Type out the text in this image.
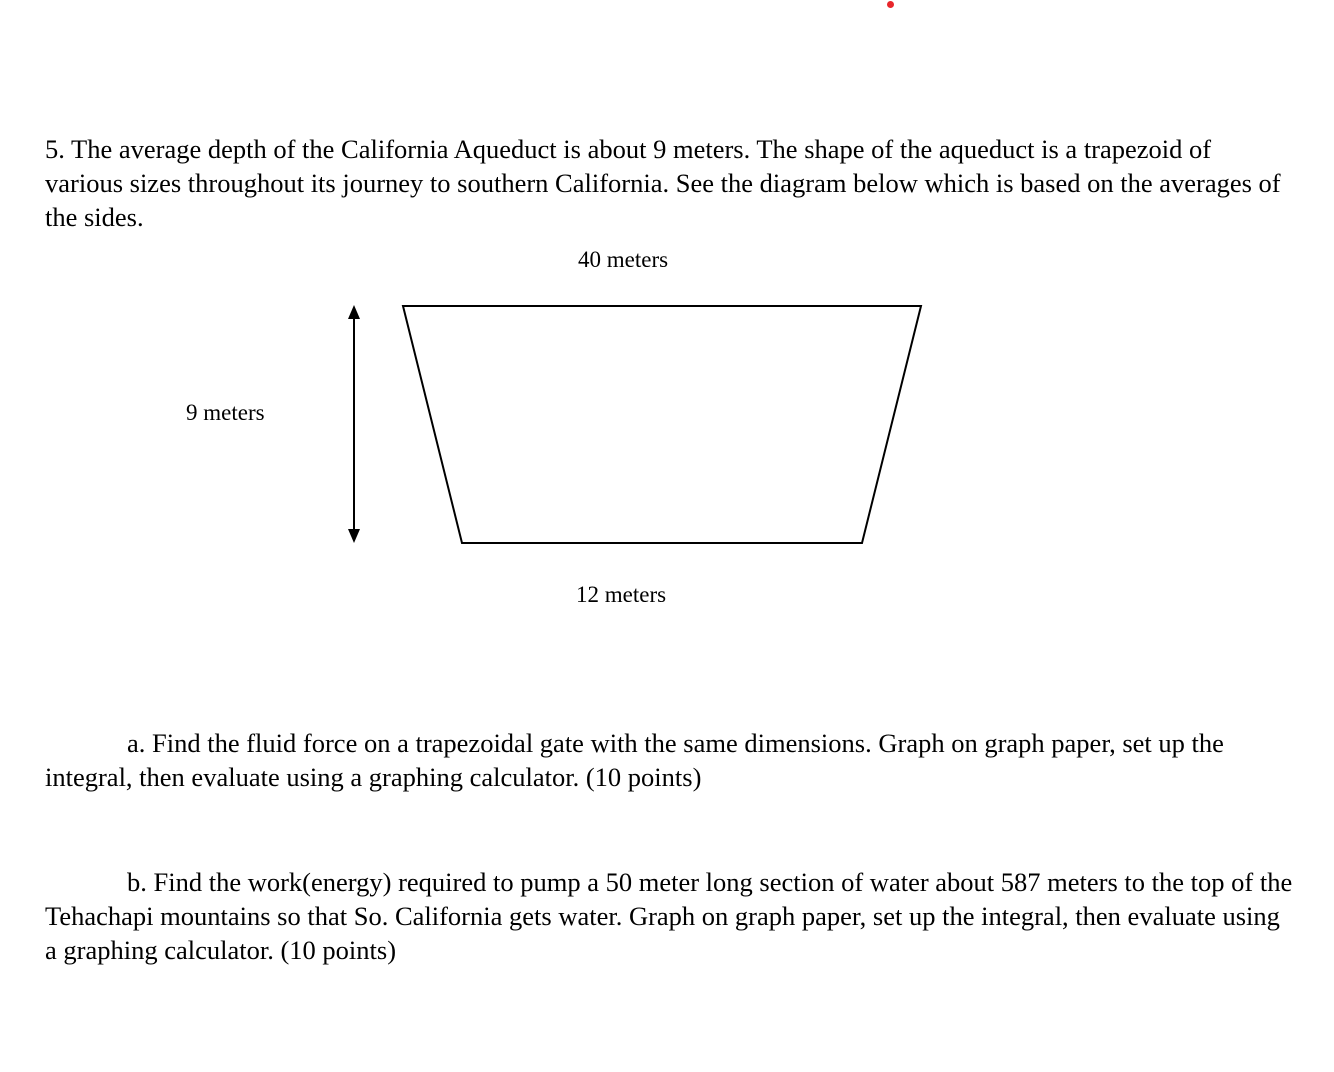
5. The average depth of the California Aqueduct is about 9 meters. The shape of the aqueduct is a trapezoid of various sizes throughout its journey to southern California. See the diagram below which is based on the averages of the sides.

40 meters
9 meters
12 meters

a. Find the fluid force on a trapezoidal gate with the same dimensions. Graph on graph paper, set up the integral, then evaluate using a graphing calculator. (10 points)

b. Find the work(energy) required to pump a 50 meter long section of water about 587 meters to the top of the Tehachapi mountains so that So. California gets water. Graph on graph paper, set up the integral, then evaluate using a graphing calculator. (10 points)
